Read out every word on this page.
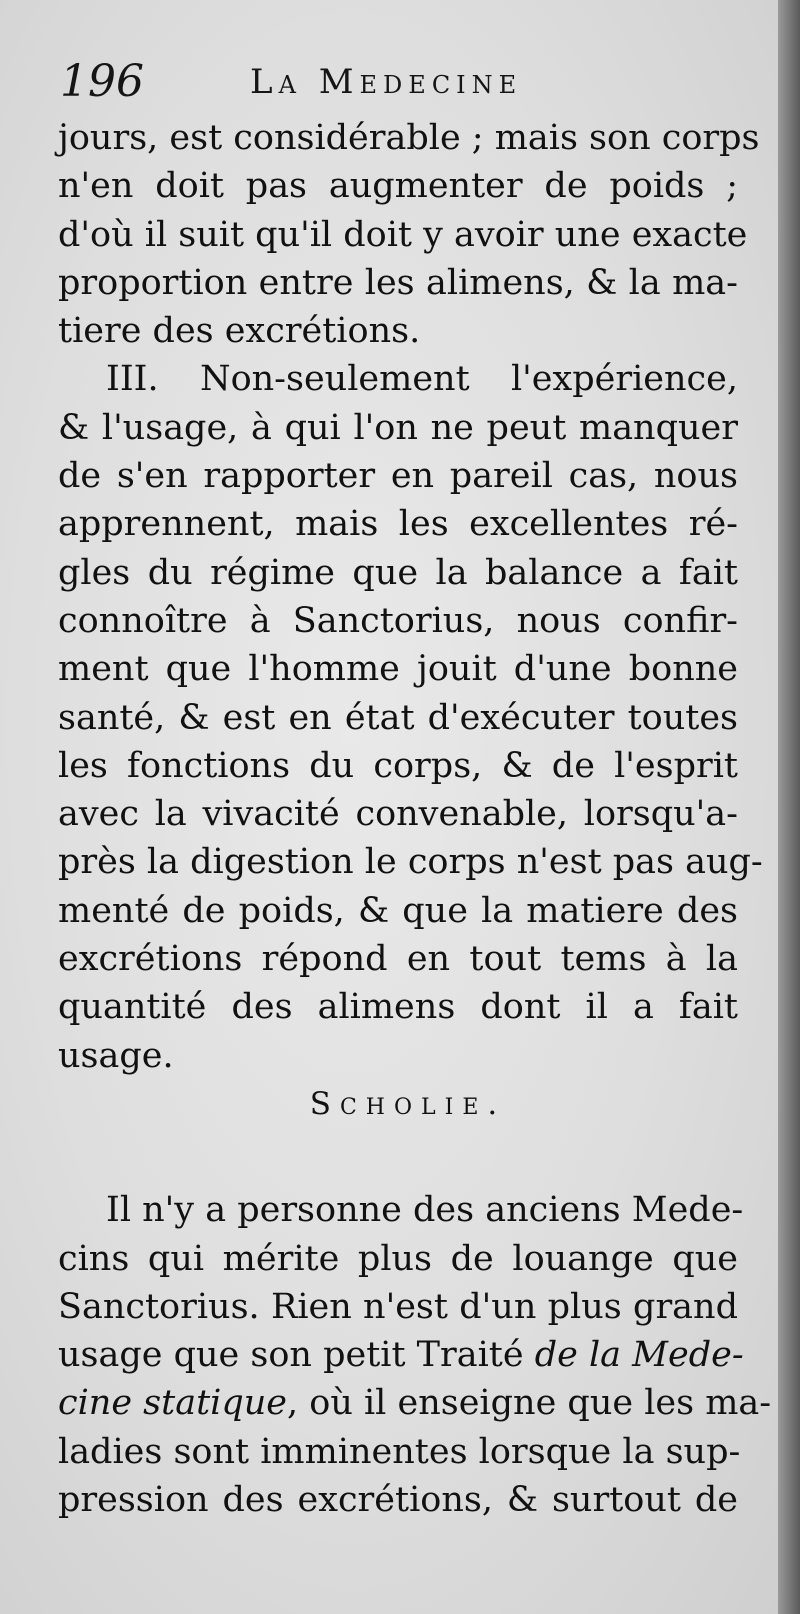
196	La Medecine
jours, est considérable ; mais son corps
n'en doit pas augmenter de poids ;
d'où il suit qu'il doit y avoir une exacte
proportion entre les alimens, & la ma-
tiere des excrétions.
III. Non-seulement l'expérience,
& l'usage, à qui l'on ne peut manquer
de s'en rapporter en pareil cas, nous
apprennent, mais les excellentes ré-
gles du régime que la balance a fait
connoître à Sanctorius, nous confir-
ment que l'homme jouit d'une bonne
santé, & est en état d'exécuter toutes
les fonctions du corps, & de l'esprit
avec la vivacité convenable, lorsqu'a-
près la digestion le corps n'est pas aug-
menté de poids, & que la matiere des
excrétions répond en tout tems à la
quantité des alimens dont il a fait
usage.
Scholie.
Il n'y a personne des anciens Mede-
cins qui mérite plus de louange que
Sanctorius. Rien n'est d'un plus grand
usage que son petit Traité de la Mede-
cine statique, où il enseigne que les ma-
ladies sont imminentes lorsque la sup-
pression des excrétions, & surtout de
